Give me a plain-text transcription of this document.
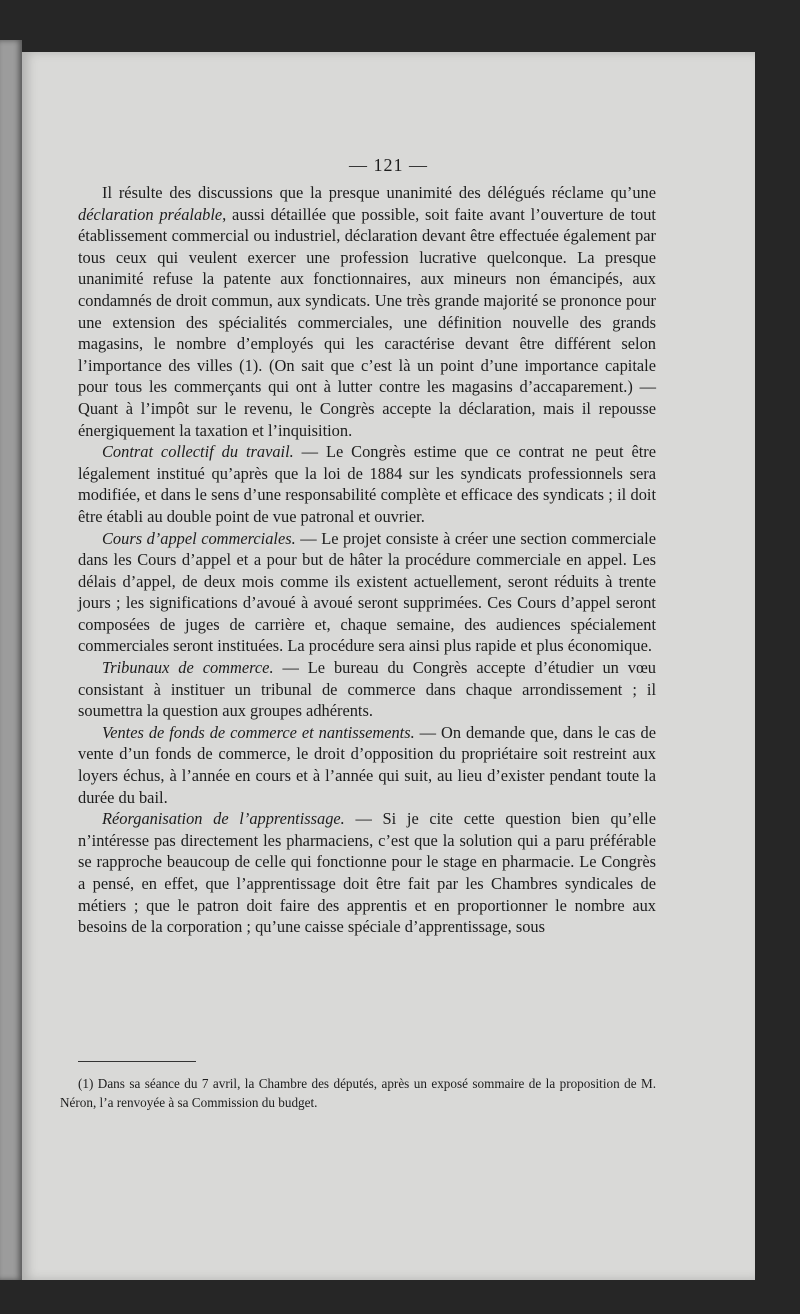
— 121 —

Il résulte des discussions que la presque unanimité des délégués réclame qu’une déclaration préalable, aussi détaillée que possible, soit faite avant l’ouverture de tout établissement commercial ou industriel, déclaration devant être effectuée également par tous ceux qui veulent exercer une profession lucrative quelconque. La presque unanimité refuse la patente aux fonctionnaires, aux mineurs non émancipés, aux condamnés de droit commun, aux syndicats. Une très grande majorité se prononce pour une extension des spécialités commerciales, une définition nouvelle des grands magasins, le nombre d’employés qui les caractérise devant être différent selon l’importance des villes (1). (On sait que c’est là un point d’une importance capitale pour tous les commerçants qui ont à lutter contre les magasins d’accaparement.) — Quant à l’impôt sur le revenu, le Congrès accepte la déclaration, mais il repousse énergiquement la taxation et l’inquisition.

Contrat collectif du travail. — Le Congrès estime que ce contrat ne peut être légalement institué qu’après que la loi de 1884 sur les syndicats professionnels sera modifiée, et dans le sens d’une responsabilité complète et efficace des syndicats ; il doit être établi au double point de vue patronal et ouvrier.

Cours d’appel commerciales. — Le projet consiste à créer une section commerciale dans les Cours d’appel et a pour but de hâter la procédure commerciale en appel. Les délais d’appel, de deux mois comme ils existent actuellement, seront réduits à trente jours ; les significations d’avoué à avoué seront supprimées. Ces Cours d’appel seront composées de juges de carrière et, chaque semaine, des audiences spécialement commerciales seront instituées. La procédure sera ainsi plus rapide et plus économique.

Tribunaux de commerce. — Le bureau du Congrès accepte d’étudier un vœu consistant à instituer un tribunal de commerce dans chaque arrondissement ; il soumettra la question aux groupes adhérents.

Ventes de fonds de commerce et nantissements. — On demande que, dans le cas de vente d’un fonds de commerce, le droit d’opposition du propriétaire soit restreint aux loyers échus, à l’année en cours et à l’année qui suit, au lieu d’exister pendant toute la durée du bail.

Réorganisation de l’apprentissage. — Si je cite cette question bien qu’elle n’intéresse pas directement les pharmaciens, c’est que la solution qui a paru préférable se rapproche beaucoup de celle qui fonctionne pour le stage en pharmacie. Le Congrès a pensé, en effet, que l’apprentissage doit être fait par les Chambres syndicales de métiers ; que le patron doit faire des apprentis et en proportionner le nombre aux besoins de la corporation ; qu’une caisse spéciale d’apprentissage, sous

(1) Dans sa séance du 7 avril, la Chambre des députés, après un exposé sommaire de la proposition de M. Néron, l’a renvoyée à sa Commission du budget.
